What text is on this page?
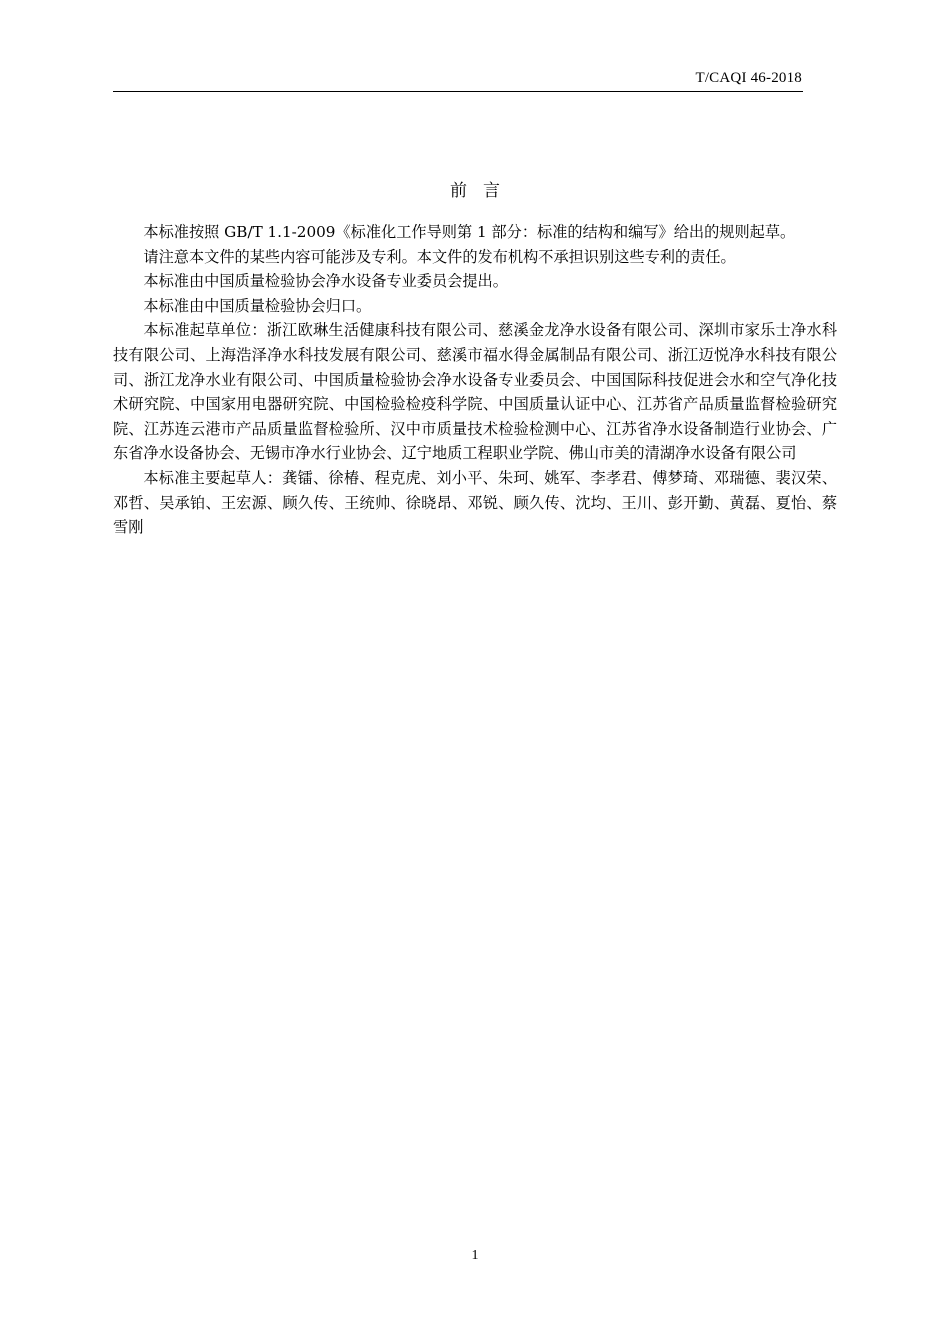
T/CAQI 46-2018
前言

本标准按照 GB/T 1.1-2009《标准化工作导则第 1 部分：标准的结构和编写》给出的规则起草。

请注意本文件的某些内容可能涉及专利。本文件的发布机构不承担识别这些专利的责任。

本标准由中国质量检验协会净水设备专业委员会提出。

本标准由中国质量检验协会归口。

本标准起草单位：浙江欧琳生活健康科技有限公司、慈溪金龙净水设备有限公司、深圳市家乐士净水科技有限公司、上海浩泽净水科技发展有限公司、慈溪市福水得金属制品有限公司、浙江迈悦净水科技有限公司、浙江龙净水业有限公司、中国质量检验协会净水设备专业委员会、中国国际科技促进会水和空气净化技术研究院、中国家用电器研究院、中国检验检疫科学院、中国质量认证中心、江苏省产品质量监督检验研究院、江苏连云港市产品质量监督检验所、汉中市质量技术检验检测中心、江苏省净水设备制造行业协会、广东省净水设备协会、无锡市净水行业协会、辽宁地质工程职业学院、佛山市美的清湖净水设备有限公司

本标准主要起草人：龚镭、徐椿、程克虎、刘小平、朱珂、姚军、李孝君、傅梦琦、邓瑞德、裴汉荣、邓哲、吴承铂、王宏源、顾久传、王统帅、徐晓昂、邓锐、顾久传、沈均、王川、彭开勤、黄磊、夏怡、蔡雪刚

1
